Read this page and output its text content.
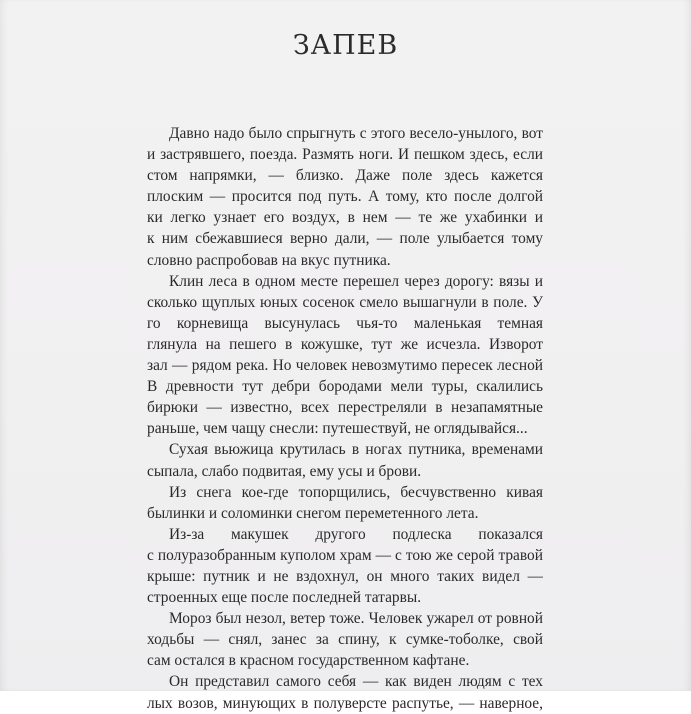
ЗАПЕВ
Давно надо было спрыгнуть с этого весело-унылого, вот
и застрявшего, поезда. Размять ноги. И пешком здесь, если
стом напрямки, — близко. Даже поле здесь кажется
плоским — просится под путь. А тому, кто после долгой
ки легко узнает его воздух, в нем — те же ухабинки и
к ним сбежавшиеся верно дали, — поле улыбается тому
словно распробовав на вкус путника.
Клин леса в одном месте перешел через дорогу: вязы и
сколько щуплых юных сосенок смело вышагнули в поле. У
го корневища высунулась чья-то маленькая темная
глянула на пешего в кожушке, тут же исчезла. Изворот
зал — рядом река. Но человек невозмутимо пересек лесной
В древности тут дебри бородами мели туры, скалились
бирюки — известно, всех перестреляли в незапамятные
раньше, чем чащу снесли: путешествуй, не оглядывайся...
Сухая вьюжица крутилась в ногах путника, временами
сыпала, слабо подвитая, ему усы и брови.
Из снега кое-где топорщились, бесчувственно кивая
былинки и соломинки снегом переметенного лета.
Из-за макушек другого подлеска показался
с полуразобранным куполом храм — с тою же серой травой
крыше: путник и не вздохнул, он много таких видел —
строенных еще после последней татарвы.
Мороз был незол, ветер тоже. Человек ужарел от ровной
ходьбы — снял, занес за спину, к сумке-тоболке, свой
сам остался в красном государственном кафтане.
Он представил самого себя — как виден людям с тех
лых возов, минующих в полуверсте распутье, — наверное,
